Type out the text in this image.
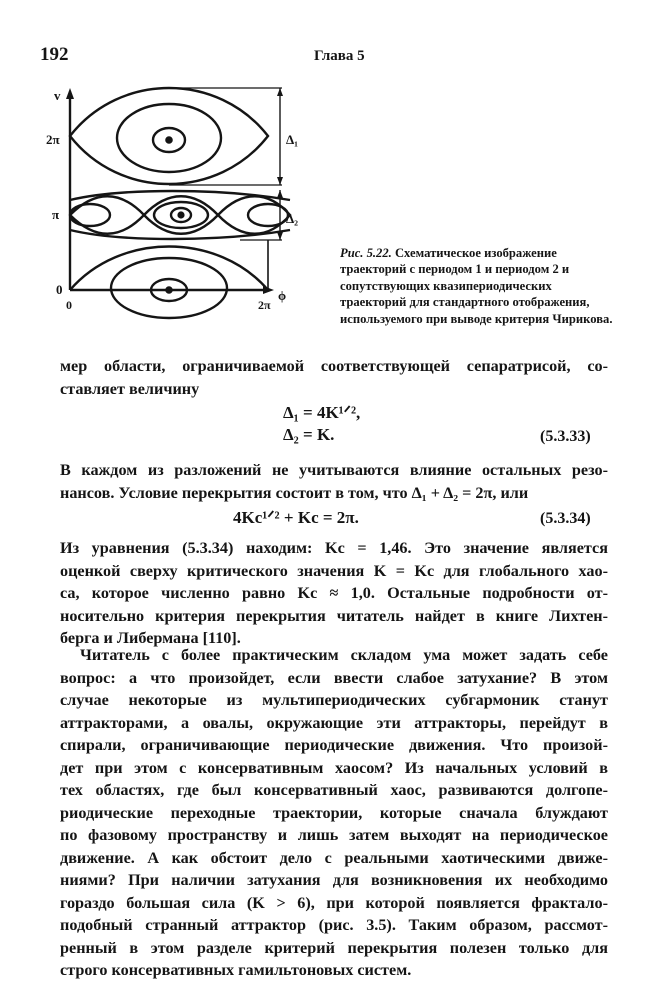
192	Глава 5
v
ϕ
2π
π
0
0	2π
Δ₁
Δ₂
Рис. 5.22. Схематическое изображение траекторий с периодом 1 и периодом 2 и сопутствующих квазипериодических траекторий для стандартного отображения, используемого при выводе критерия Чирикова.
мер области, ограничиваемой соответствующей сепаратрисой, со-
ставляет величину
Δ₁ = 4K¹ᐟ²,
Δ₂ = K.	(5.3.33)
В каждом из разложений не учитываются влияние остальных резо-
нансов. Условие перекрытия состоит в том, что Δ₁ + Δ₂ = 2π, или
4Kc¹ᐟ² + Kc = 2π.	(5.3.34)
Из уравнения (5.3.34) находим: Kc = 1,46. Это значение является
оценкой сверху критического значения K = Kc для глобального хао-
са, которое численно равно Kc ≈ 1,0. Остальные подробности от-
носительно критерия перекрытия читатель найдет в книге Лихтен-
берга и Либермана [110].
Читатель с более практическим складом ума может задать себе
вопрос: а что произойдет, если ввести слабое затухание? В этом
случае некоторые из мультипериодических субгармоник станут
аттракторами, а овалы, окружающие эти аттракторы, перейдут в
спирали, ограничивающие периодические движения. Что произой-
дет при этом с консервативным хаосом? Из начальных условий в
тех областях, где был консервативный хаос, развиваются долгопе-
риодические переходные траектории, которые сначала блуждают
по фазовому пространству и лишь затем выходят на периодическое
движение. А как обстоит дело с реальными хаотическими движе-
ниями? При наличии затухания для возникновения их необходимо
гораздо большая сила (K > 6), при которой появляется фрактало-
подобный странный аттрактор (рис. 3.5). Таким образом, рассмот-
ренный в этом разделе критерий перекрытия полезен только для
строго консервативных гамильтоновых систем.
